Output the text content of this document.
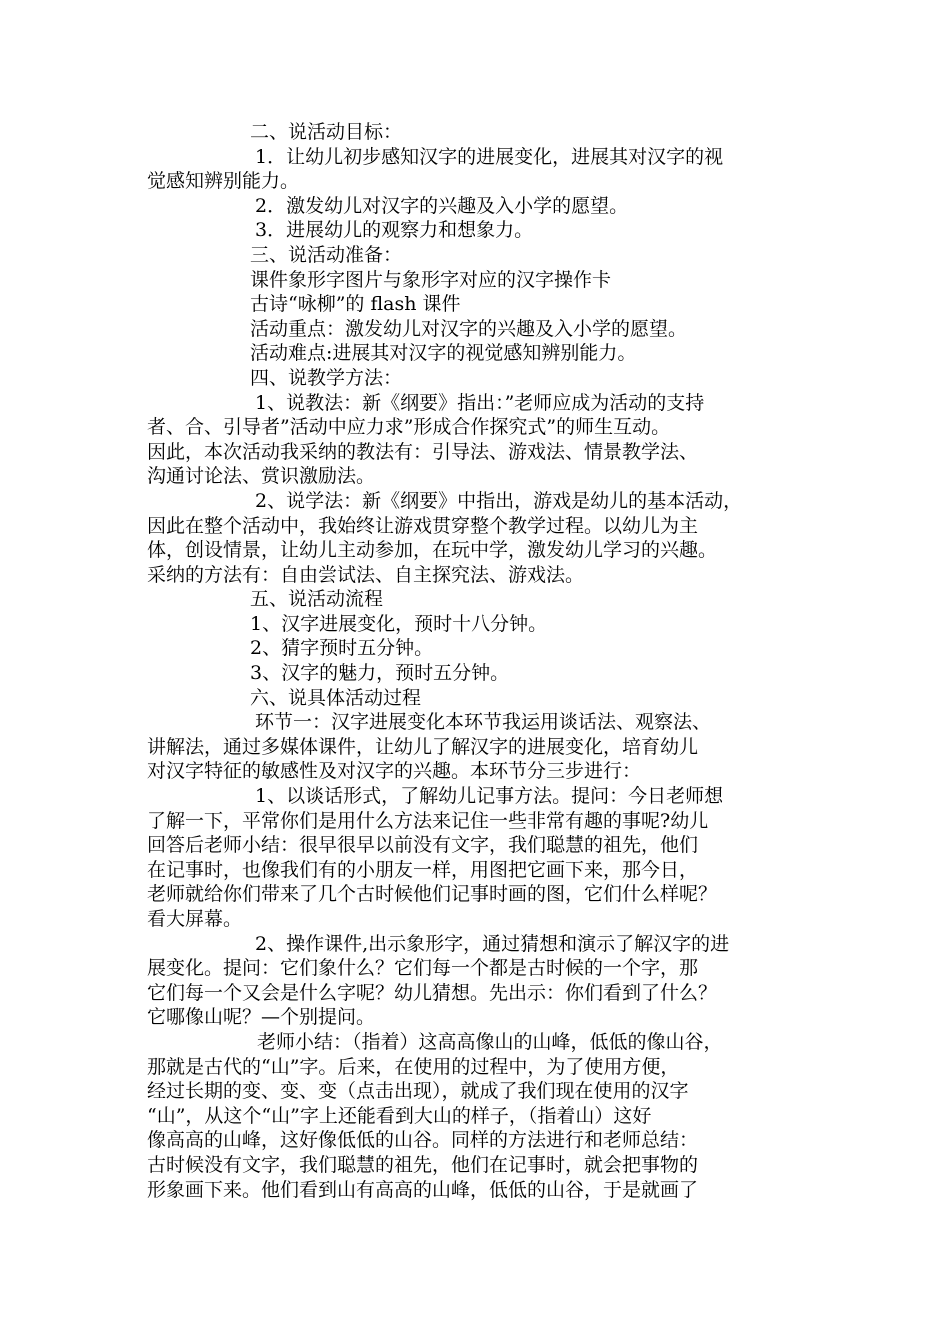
二、说活动目标：
1．让幼儿初步感知汉字的进展变化，进展其对汉字的视
觉感知辨别能力。
2．激发幼儿对汉字的兴趣及入小学的愿望。
3．进展幼儿的观察力和想象力。
三、说活动准备：
课件象形字图片与象形字对应的汉字操作卡
古诗“咏柳”的 flash 课件
活动重点：激发幼儿对汉字的兴趣及入小学的愿望。
活动难点:进展其对汉字的视觉感知辨别能力。
四、说教学方法：
1、说教法：新《纲要》指出：”老师应成为活动的支持
者、合、引导者”活动中应力求”形成合作探究式”的师生互动。
因此，本次活动我采纳的教法有：引导法、游戏法、情景教学法、
沟通讨论法、赏识激励法。
2、说学法：新《纲要》中指出，游戏是幼儿的基本活动，
因此在整个活动中，我始终让游戏贯穿整个教学过程。以幼儿为主
体，创设情景，让幼儿主动参加，在玩中学，激发幼儿学习的兴趣。
采纳的方法有：自由尝试法、自主探究法、游戏法。
五、说活动流程
1、汉字进展变化，预时十八分钟。
2、猜字预时五分钟。
3、汉字的魅力，预时五分钟。
六、说具体活动过程
环节一：汉字进展变化本环节我运用谈话法、观察法、
讲解法，通过多媒体课件，让幼儿了解汉字的进展变化，培育幼儿
对汉字特征的敏感性及对汉字的兴趣。本环节分三步进行：
1、以谈话形式，了解幼儿记事方法。提问：今日老师想
了解一下，平常你们是用什么方法来记住一些非常有趣的事呢?幼儿
回答后老师小结：很早很早以前没有文字，我们聪慧的祖先，他们
在记事时，也像我们有的小朋友一样，用图把它画下来，那今日，
老师就给你们带来了几个古时候他们记事时画的图，它们什么样呢？
看大屏幕。
2、操作课件,出示象形字，通过猜想和演示了解汉字的进
展变化。提问：它们象什么？它们每一个都是古时候的一个字，那
它们每一个又会是什么字呢？幼儿猜想。先出示：你们看到了什么？
它哪像山呢？—个别提问。
老师小结：（指着）这高高像山的山峰，低低的像山谷，
那就是古代的“山”字。后来，在使用的过程中，为了使用方便，
经过长期的变、变、变（点击出现），就成了我们现在使用的汉字
“山”，从这个“山”字上还能看到大山的样子，（指着山）这好
像高高的山峰，这好像低低的山谷。同样的方法进行和老师总结：
古时候没有文字，我们聪慧的祖先，他们在记事时，就会把事物的
形象画下来。他们看到山有高高的山峰，低低的山谷，于是就画了
